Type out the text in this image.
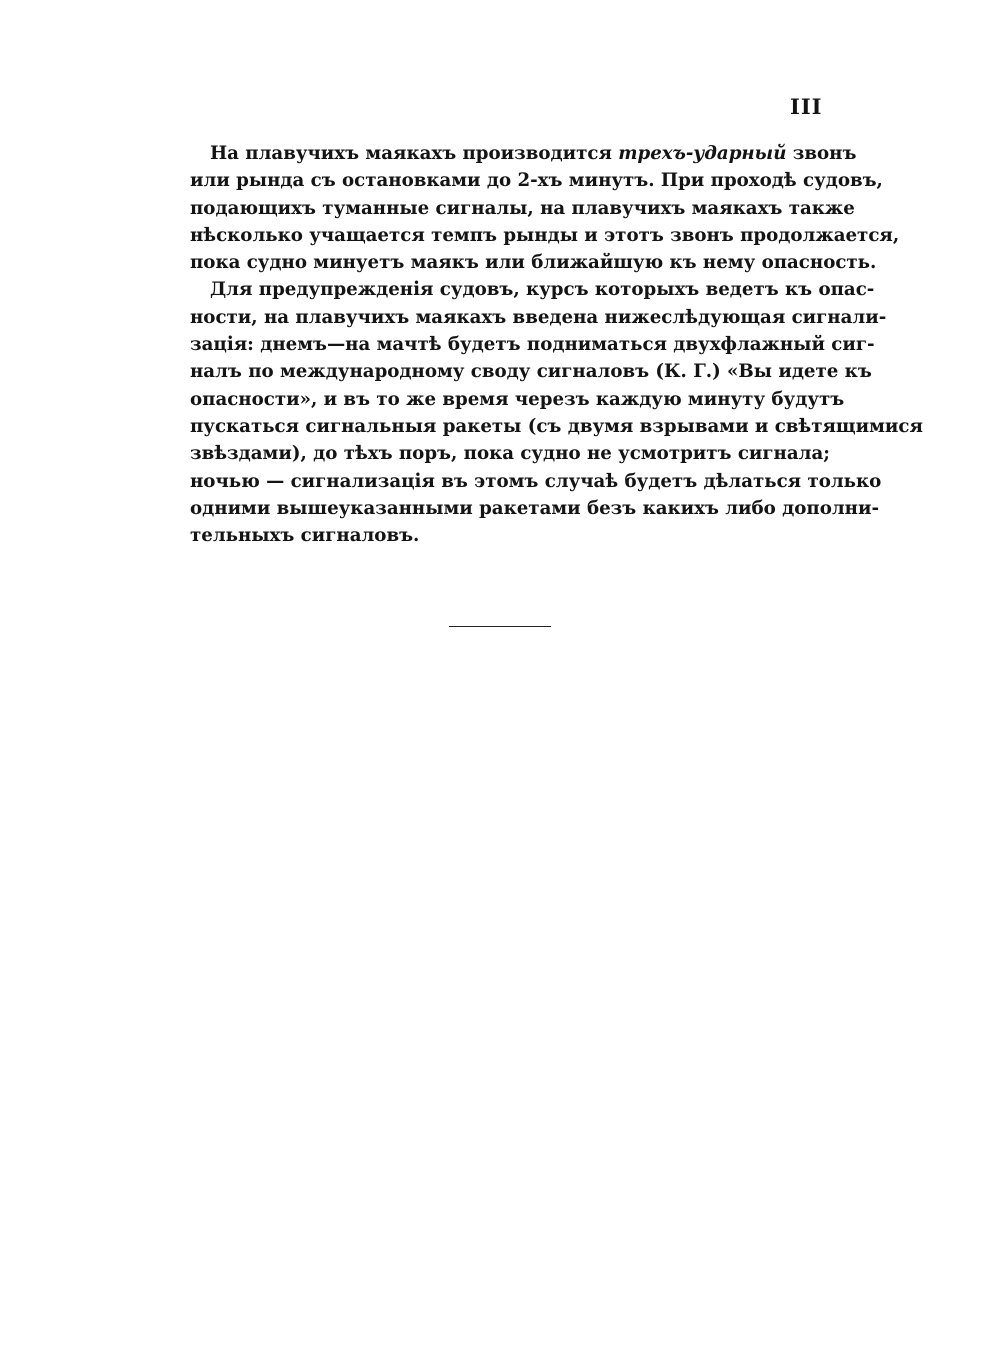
III
На плавучихъ маякахъ производится трехъ-ударный звонъ
или рында съ остановками до 2-хъ минутъ. При проходѣ судовъ,
подающихъ туманные сигналы, на плавучихъ маякахъ также
нѣсколько учащается темпъ рынды и этотъ звонъ продолжается,
пока судно минуетъ маякъ или ближайшую къ нему опасность.
Для предупрежденія судовъ, курсъ которыхъ ведетъ къ опас-
ности, на плавучихъ маякахъ введена нижеслѣдующая сигнали-
зація: днемъ—на мачтѣ будетъ подниматься двухфлажный сиг-
налъ по международному своду сигналовъ (К. Г.) «Вы идете къ
опасности», и въ то же время черезъ каждую минуту будутъ
пускаться сигнальныя ракеты (съ двумя взрывами и свѣтящимися
звѣздами), до тѣхъ поръ, пока судно не усмотритъ сигнала;
ночью — сигнализація въ этомъ случаѣ будетъ дѣлаться только
одними вышеуказанными ракетами безъ какихъ либо дополни-
тельныхъ сигналовъ.
